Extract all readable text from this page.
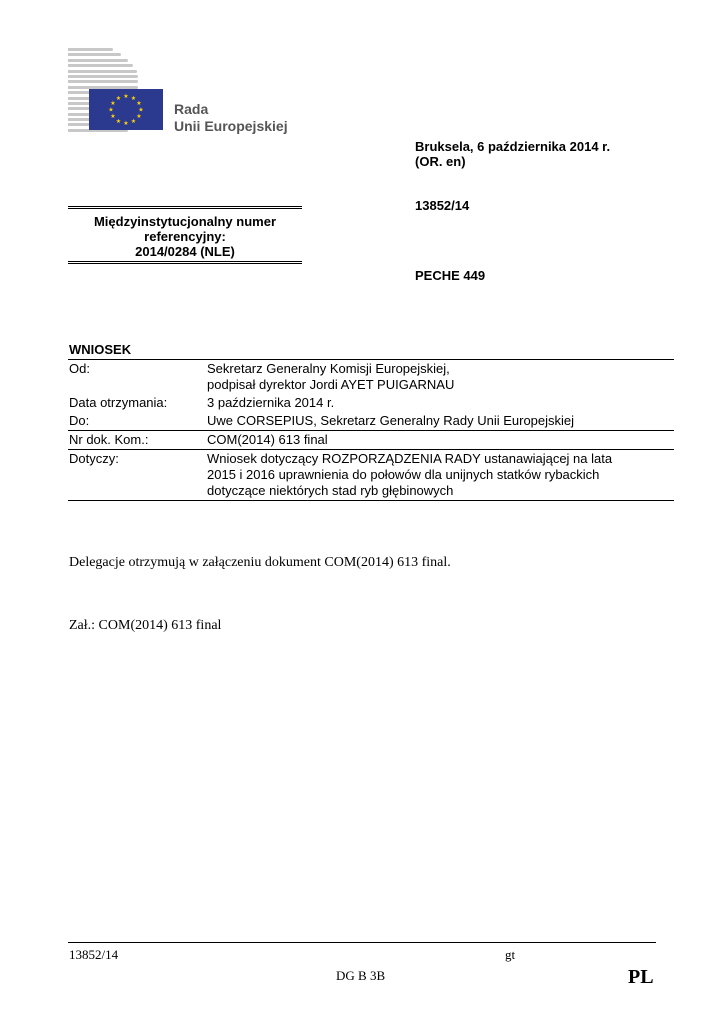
★ ★
★
★
★
★
★
★
★
★
★
★
Rada
Unii Europejskiej
Bruksela, 6 października 2014 r.
(OR. en)
13852/14
PECHE 449
Międzyinstytucjonalny numer
referencyjny:
2014/0284 (NLE)
WNIOSEK
Od:	Sekretarz Generalny Komisji Europejskiej,
podpisał dyrektor Jordi AYET PUIGARNAU

Data otrzymania:	3 października 2014 r.
Do:	Uwe CORSEPIUS, Sekretarz Generalny Rady Unii Europejskiej
Nr dok. Kom.:	COM(2014) 613 final
Dotyczy:	Wniosek dotyczący ROZPORZĄDZENIA RADY ustanawiającej na lata
2015 i 2016 uprawnienia do połowów dla unijnych statków rybackich
dotyczące niektórych stad ryb głębinowych
Delegacje otrzymują w załączeniu dokument COM(2014) 613 final.
Zał.: COM(2014) 613 final
13852/14	gt
DG B 3B	PL
